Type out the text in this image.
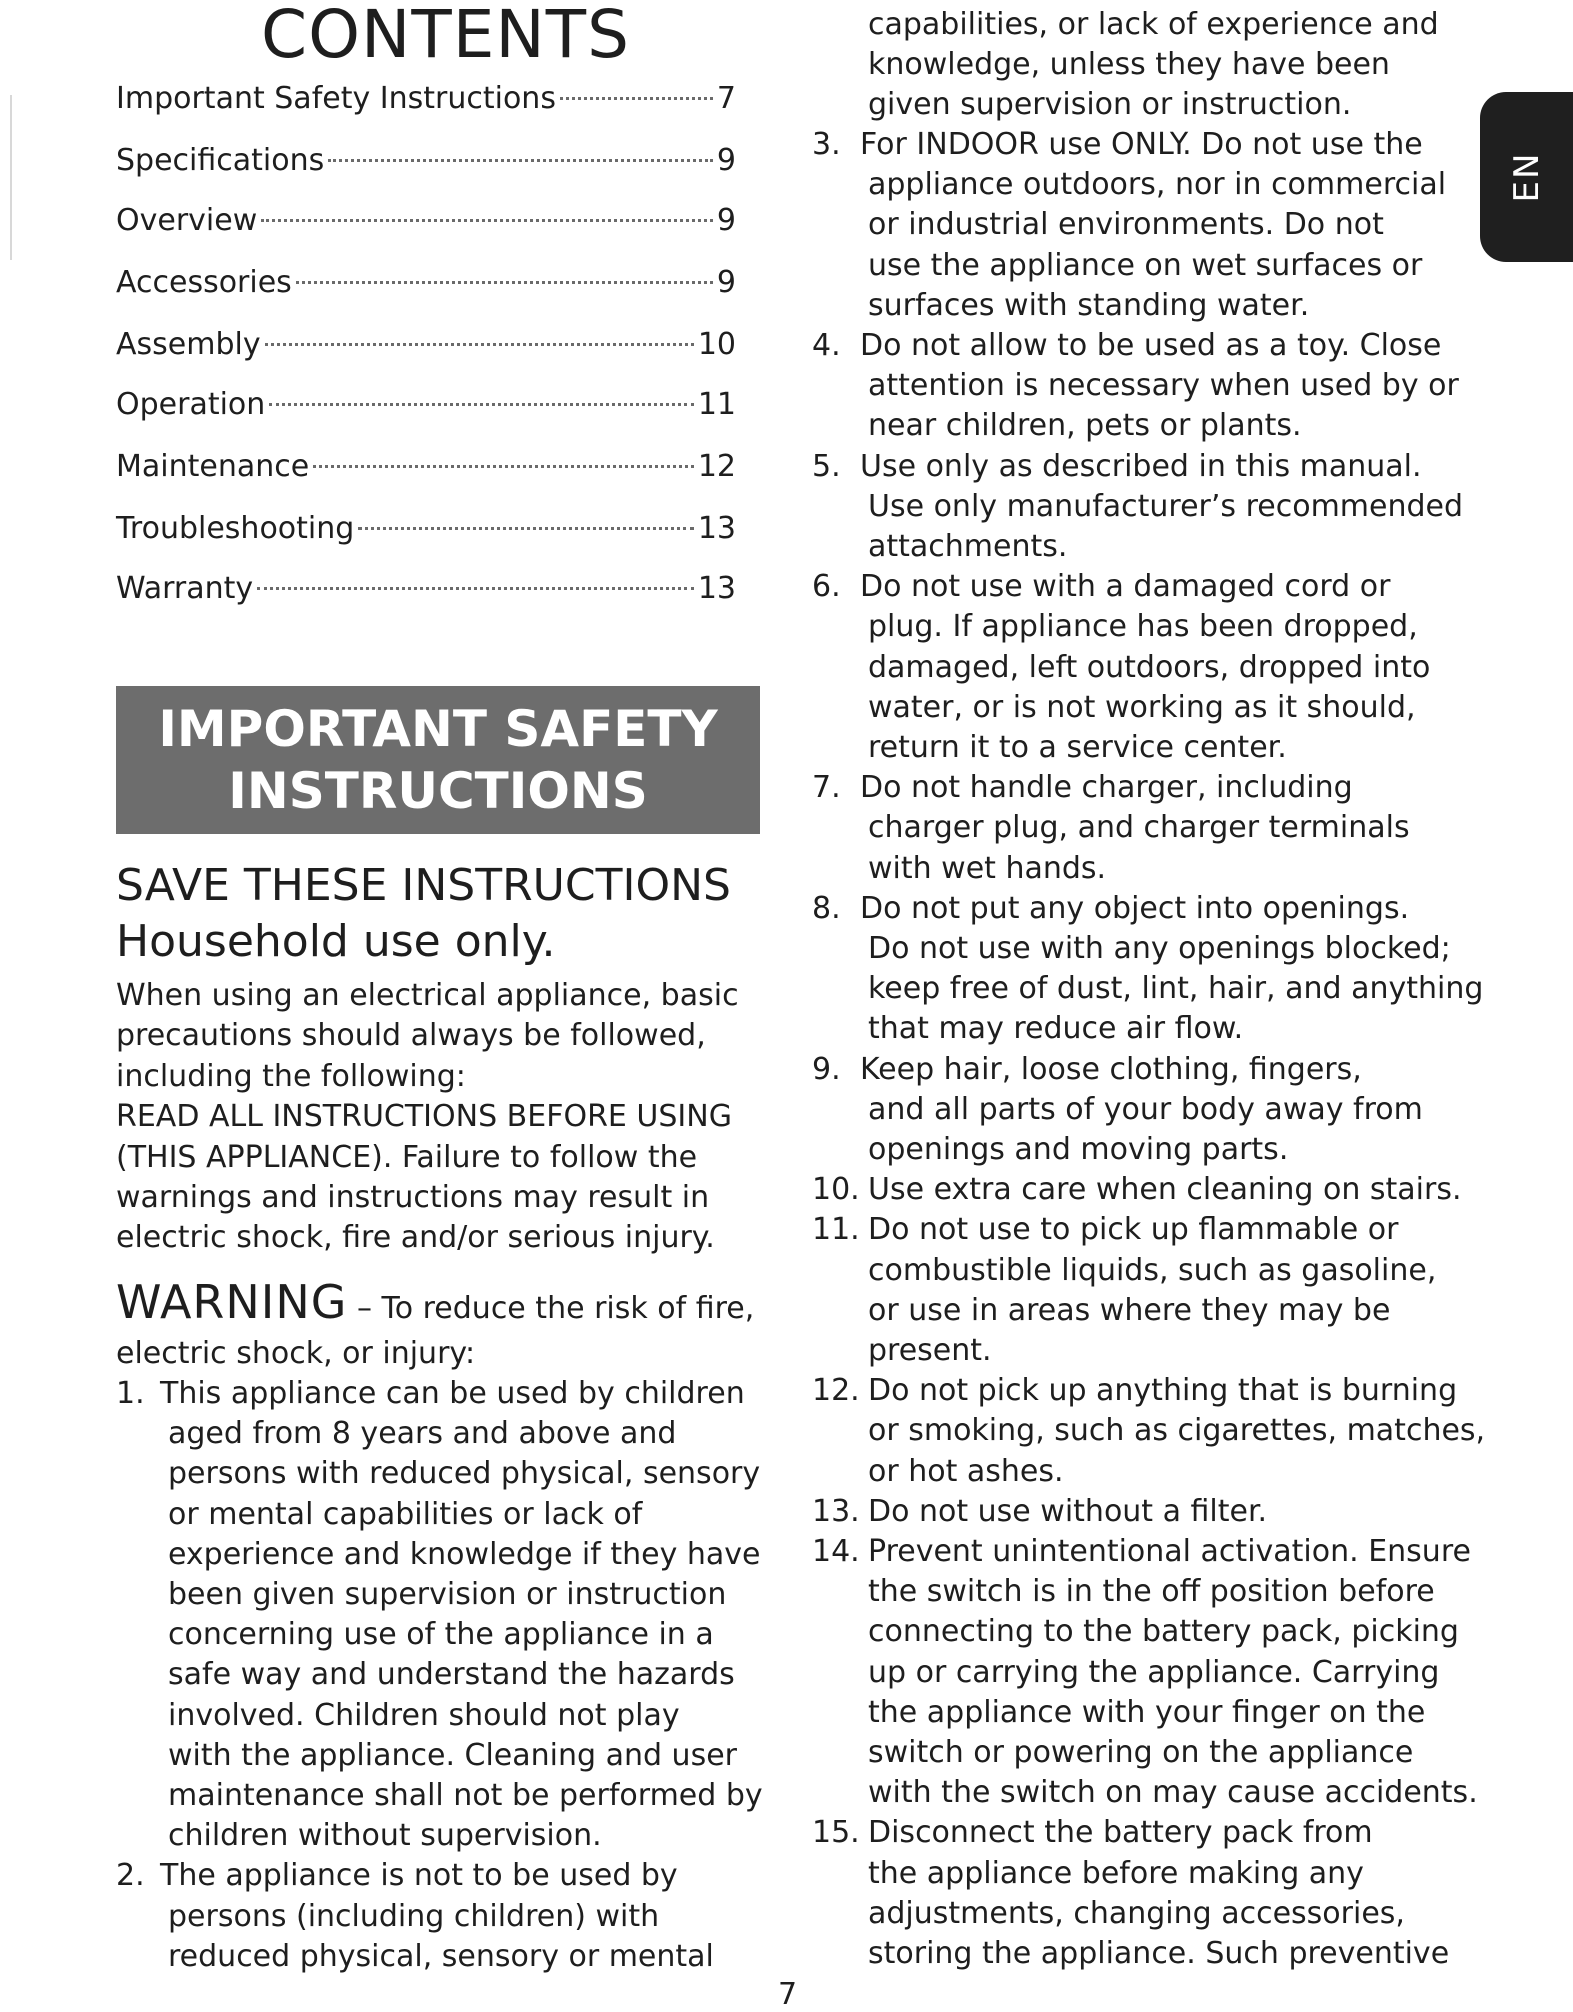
EN
CONTENTS
Important Safety Instructions	7
Specifications	9
Overview	9
Accessories	9
Assembly	10
Operation	11
Maintenance	12
Troubleshooting	13
Warranty	13
IMPORTANT SAFETY
INSTRUCTIONS
SAVE THESE INSTRUCTIONS
Household use only.
When using an electrical appliance, basic
precautions should always be followed,
including the following:
READ ALL INSTRUCTIONS BEFORE USING
(THIS APPLIANCE). Failure to follow the
warnings and instructions may result in
electric shock, fire and/or serious injury.
WARNING – To reduce the risk of fire,
electric shock, or injury:
1. This appliance can be used by children
aged from 8 years and above and
persons with reduced physical, sensory
or mental capabilities or lack of
experience and knowledge if they have
been given supervision or instruction
concerning use of the appliance in a
safe way and understand the hazards
involved. Children should not play
with the appliance. Cleaning and user
maintenance shall not be performed by
children without supervision.
2. The appliance is not to be used by
persons (including children) with
reduced physical, sensory or mental
capabilities, or lack of experience and
knowledge, unless they have been
given supervision or instruction.
3. For INDOOR use ONLY. Do not use the
appliance outdoors, nor in commercial
or industrial environments. Do not
use the appliance on wet surfaces or
surfaces with standing water.
4. Do not allow to be used as a toy. Close
attention is necessary when used by or
near children, pets or plants.
5. Use only as described in this manual.
Use only manufacturer’s recommended
attachments.
6. Do not use with a damaged cord or
plug. If appliance has been dropped,
damaged, left outdoors, dropped into
water, or is not working as it should,
return it to a service center.
7. Do not handle charger, including
charger plug, and charger terminals
with wet hands.
8. Do not put any object into openings.
Do not use with any openings blocked;
keep free of dust, lint, hair, and anything
that may reduce air flow.
9. Keep hair, loose clothing, fingers,
and all parts of your body away from
openings and moving parts.
10. Use extra care when cleaning on stairs.
11. Do not use to pick up flammable or
combustible liquids, such as gasoline,
or use in areas where they may be
present.
12. Do not pick up anything that is burning
or smoking, such as cigarettes, matches,
or hot ashes.
13. Do not use without a filter.
14. Prevent unintentional activation. Ensure
the switch is in the off position before
connecting to the battery pack, picking
up or carrying the appliance. Carrying
the appliance with your finger on the
switch or powering on the appliance
with the switch on may cause accidents.
15. Disconnect the battery pack from
the appliance before making any
adjustments, changing accessories,
storing the appliance. Such preventive
7
